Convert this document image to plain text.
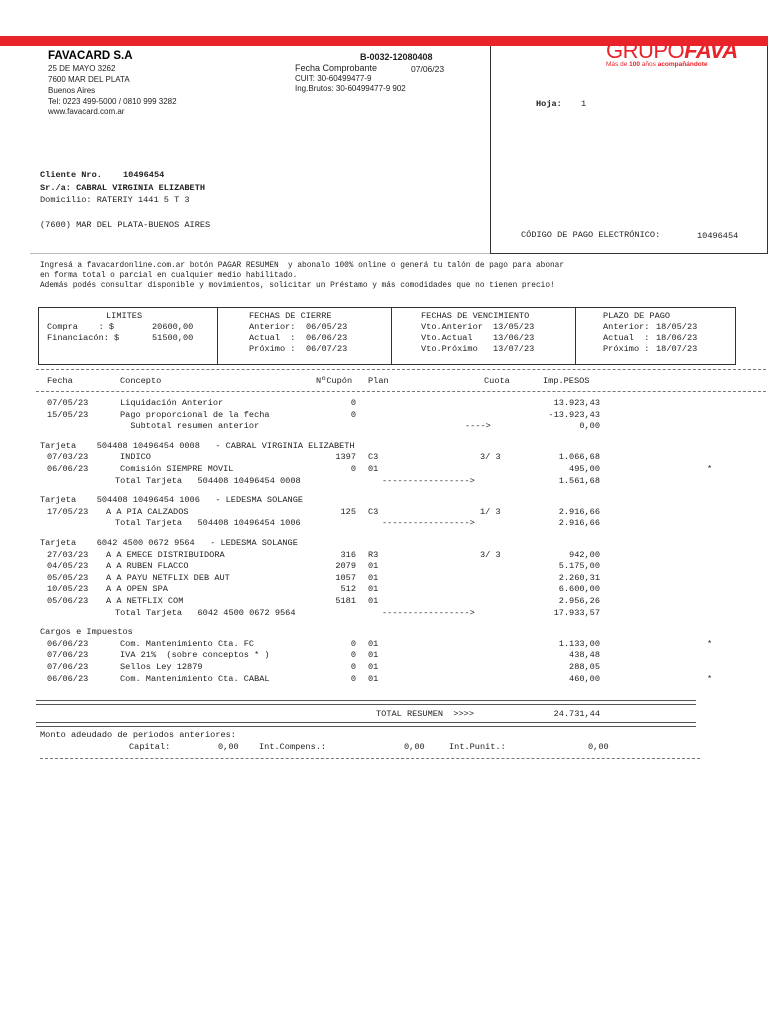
FAVACARD S.A
25 DE MAYO 3262
7600 MAR DEL PLATA
Buenos Aires
Tel: 0223 499-5000 / 0810 999 3282
www.favacard.com.ar
B-0032-12080408
Fecha Comprobante	07/06/23
CUIT: 30-60499477-9
Ing.Brutos: 30-60499477-9 902
GRUPOFAVA
Más de 100 años acompañándote
Hoja: 1
Cliente Nro. 10496454
Sr./a: CABRAL VIRGINIA ELIZABETH
Domicilio: RATERIY 1441 5 T 3
(7600) MAR DEL PLATA-BUENOS AIRES
CÓDIGO DE PAGO ELECTRÓNICO:	10496454
Ingresá a favacardonline.com.ar botón PAGAR RESUMEN  y abonalo 100% online o generá tu talón de pago para abonar
en forma total o parcial en cualquier medio habilitado.
Además podés consultar disponible y movimientos, solicitar un Préstamo y más comodidades que no tienen precio!
LIMITES
Compra    : $	20600,00
Financiacón: $	51500,00
FECHAS DE CIERRE
Anterior: 06/05/23
Actual  : 06/06/23
Próximo : 06/07/23
FECHAS DE VENCIMIENTO
Vto.Anterior 13/05/23
Vto.Actual 13/06/23
Vto.Próximo 13/07/23
PLAZO DE PAGO
Anterior: 18/05/23
Actual  : 18/06/23
Próximo : 18/07/23
Fecha	Concepto	NºCupón Plan	Cuota	Imp.PESOS
07/05/23	Liquidación Anterior	0	13.923,43
15/05/23	Pago proporcional de la fecha	0	-13.923,43
Subtotal resumen anterior	---->	0,00
Tarjeta    504408 10496454 0008   - CABRAL VIRGINIA ELIZABETH
07/03/23	INDICO	1397 C3	3/ 3	1.066,68
06/06/23	Comisión SIEMPRE MOVIL	0 01	495,00	*
Total Tarjeta   504408 10496454 0008	----------------->	1.561,68
Tarjeta    504408 10496454 1006   - LEDESMA SOLANGE
17/05/23 A A PIA CALZADOS	125 C3	1/ 3	2.916,66
Total Tarjeta   504408 10496454 1006	----------------->	2.916,66
Tarjeta    6042 4500 0672 9564   - LEDESMA SOLANGE
27/03/23 A A EMECE DISTRIBUIDORA	316 R3	3/ 3	942,00
04/05/23 A A RUBEN FLACCO	2079 01	5.175,00
05/05/23 A A PAYU NETFLIX DEB AUT	1057 01	2.260,31
10/05/23 A A OPEN SPA	512 01	6.600,00
05/06/23 A A NETFLIX COM	5181 01	2.956,26
Total Tarjeta   6042 4500 0672 9564	----------------->	17.933,57
Cargos e Impuestos
06/06/23	Com. Mantenimiento Cta. FC	0 01	1.133,00	*
07/06/23	IVA 21%  (sobre conceptos * )	0 01	438,48
07/06/23	Sellos Ley 12879	0 01	288,05
06/06/23	Com. Mantenimiento Cta. CABAL	0 01	460,00	*
TOTAL RESUMEN  >>>>	24.731,44
Monto adeudado de periodos anteriores:
Capital:	0,00 Int.Compens.:	0,00	Int.Punit.:	0,00
